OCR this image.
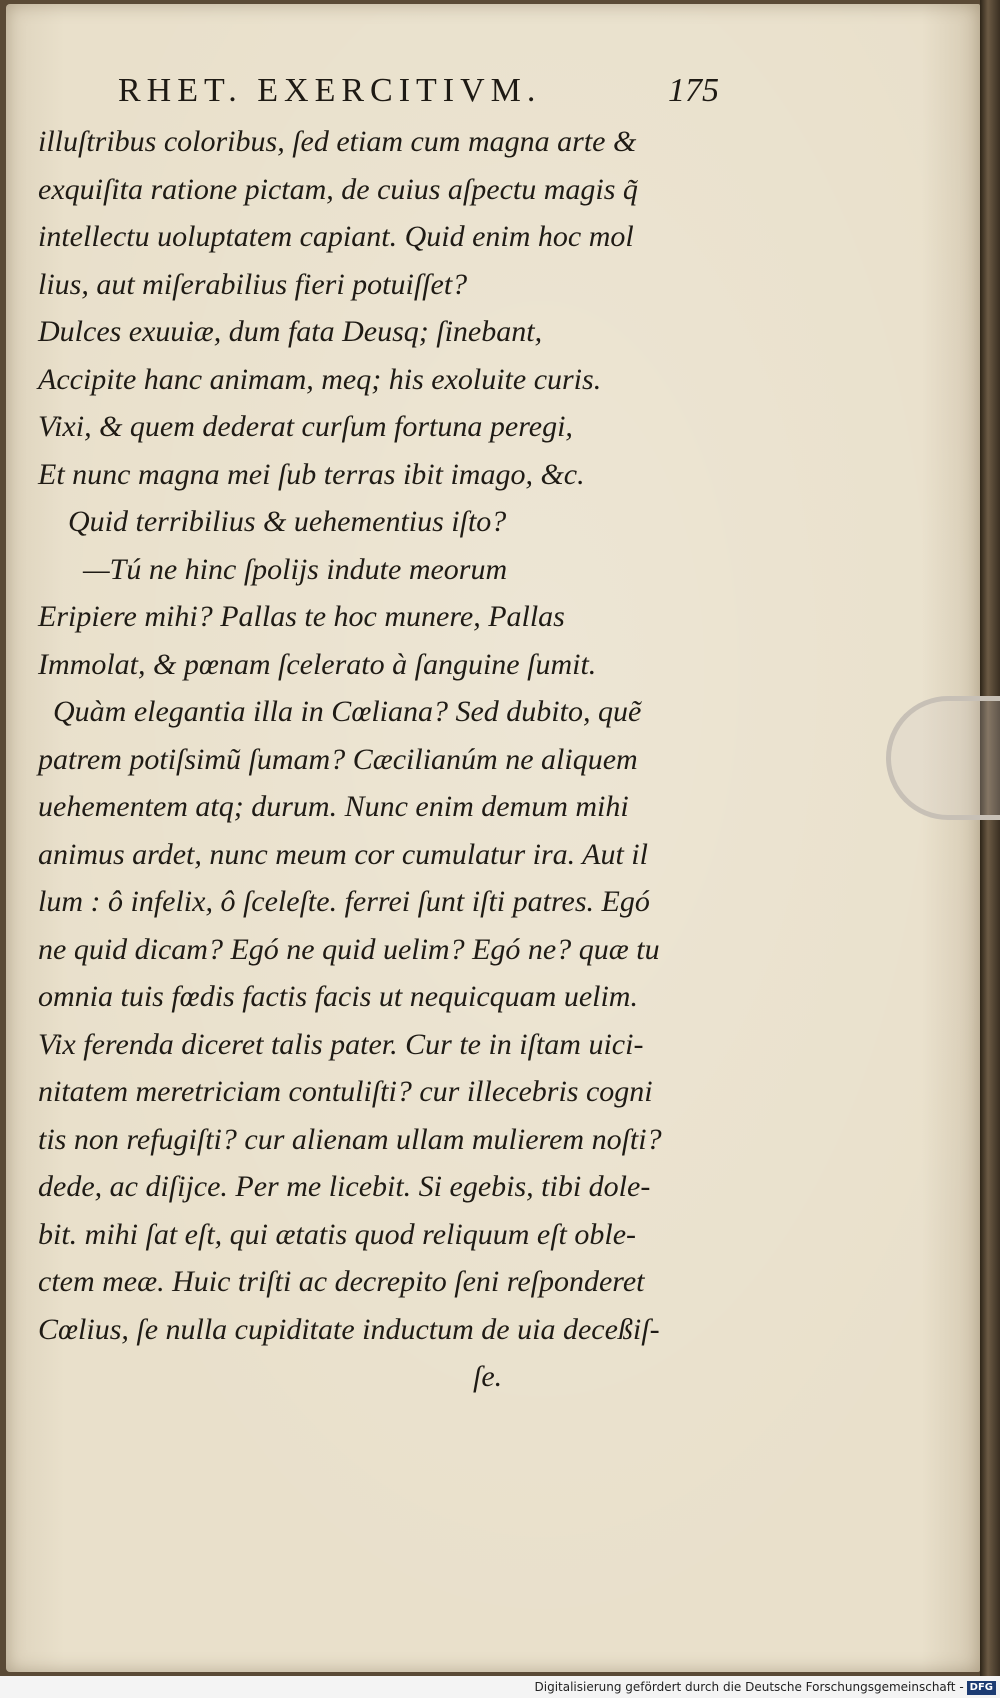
RHET. EXERCITIVM.	175
illuſtribus coloribus, ſed etiam cum magna arte &
exquiſita ratione pictam, de cuius aſpectu magis q̃
intellectu uoluptatem capiant. Quid enim hoc mol
lius, aut miſerabilius fieri potuiſſet?
Dulces exuuiæ, dum fata Deusq; ſinebant,
Accipite hanc animam, meq; his exoluite curis.
Vixi, & quem dederat curſum fortuna peregi,
Et nunc magna mei ſub terras ibit imago, &c.
Quid terribilius & uehementius iſto?
—Tú ne hinc ſpolijs indute meorum
Eripiere mihi? Pallas te hoc munere, Pallas
Immolat, & pœnam ſcelerato à ſanguine ſumit.
Quàm elegantia illa in Cœliana? Sed dubito, quẽ
patrem potiſsimũ ſumam? Cæcilianúm ne aliquem
uehementem atq; durum. Nunc enim demum mihi
animus ardet, nunc meum cor cumulatur ira. Aut il
lum : ô infelix, ô ſceleſte. ferrei ſunt iſti patres. Egó
ne quid dicam? Egó ne quid uelim? Egó ne? quæ tu
omnia tuis fœdis factis facis ut nequicquam uelim.
Vix ferenda diceret talis pater. Cur te in iſtam uici-
nitatem meretriciam contuliſti? cur illecebris cogni
tis non refugiſti? cur alienam ullam mulierem noſti?
dede, ac diſijce. Per me licebit. Si egebis, tibi dole-
bit. mihi ſat eſt, qui ætatis quod reliquum eſt oble-
ctem meæ. Huic triſti ac decrepito ſeni reſponderet
Cœlius, ſe nulla cupiditate inductum de uia deceßiſ-
ſe.
Digitalisierung gefördert durch die Deutsche Forschungsgemeinschaft - DFG
